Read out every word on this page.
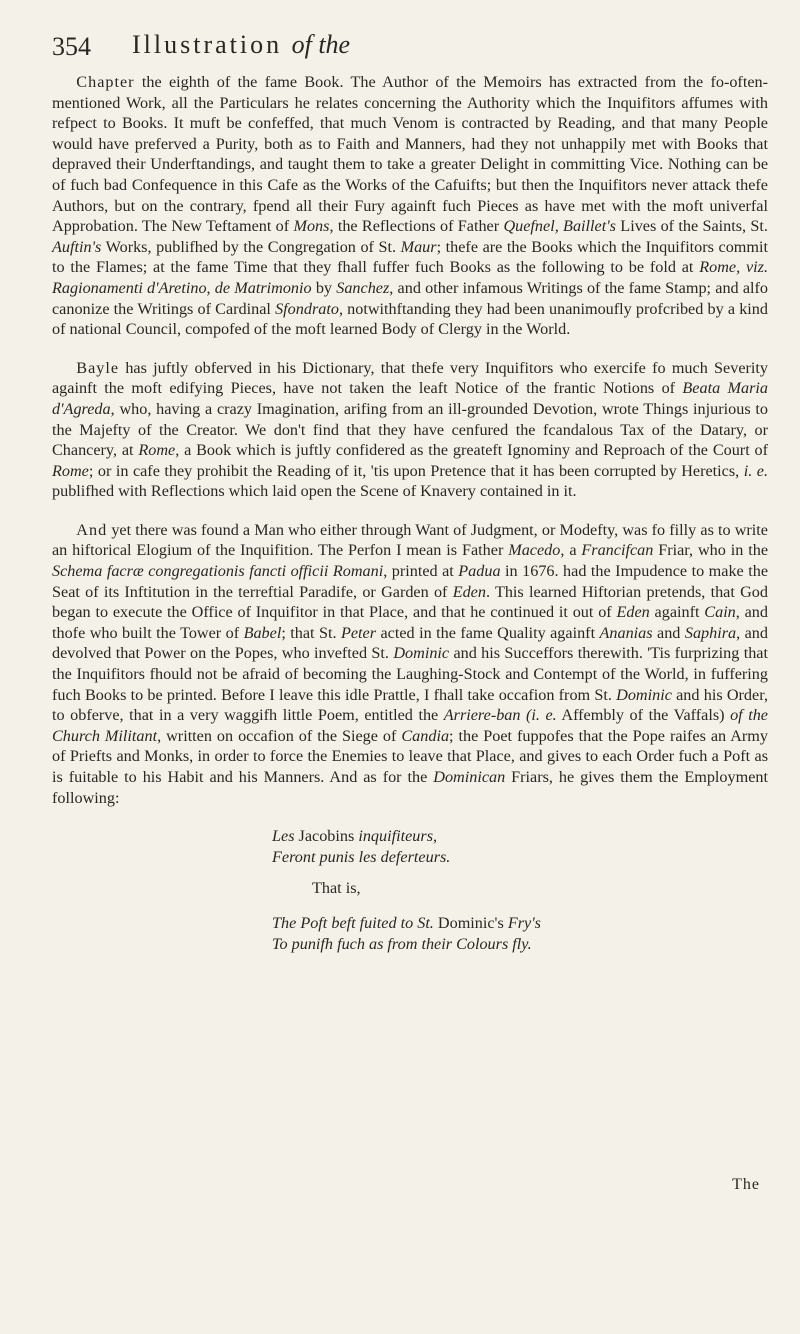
354 Illustration of the

Chapter the eighth of the fame Book. The Author of the Memoirs has extracted from the fo-often-mentioned Work, all the Particulars he relates concerning the Authority which the Inquifitors affumes with refpect to Books. It muft be confeffed, that much Venom is contracted by Reading, and that many People would have preferved a Purity, both as to Faith and Manners, had they not unhappily met with Books that depraved their Underftandings, and taught them to take a greater Delight in committing Vice. Nothing can be of fuch bad Confequence in this Cafe as the Works of the Cafuifts; but then the Inquifitors never attack thefe Authors, but on the contrary, fpend all their Fury againft fuch Pieces as have met with the moft univerfal Approbation. The New Teftament of Mons, the Reflections of Father Quefnel, Baillet's Lives of the Saints, St. Auftin's Works, publifhed by the Congregation of St. Maur; thefe are the Books which the Inquifitors commit to the Flames; at the fame Time that they fhall fuffer fuch Books as the following to be fold at Rome, viz. Ragionamenti d'Aretino, de Matrimonio by Sanchez, and other infamous Writings of the fame Stamp; and alfo canonize the Writings of Cardinal Sfondrato, notwithftanding they had been unanimoufly profcribed by a kind of national Council, compofed of the moft learned Body of Clergy in the World.

Bayle has juftly obferved in his Dictionary, that thefe very Inquifitors who exercife fo much Severity againft the moft edifying Pieces, have not taken the leaft Notice of the frantic Notions of Beata Maria d'Agreda, who, having a crazy Imagination, arifing from an ill-grounded Devotion, wrote Things injurious to the Majefty of the Creator. We don't find that they have cenfured the fcandalous Tax of the Datary, or Chancery, at Rome, a Book which is juftly confidered as the greateft Ignominy and Reproach of the Court of Rome; or in cafe they prohibit the Reading of it, 'tis upon Pretence that it has been corrupted by Heretics, i. e. publifhed with Reflections which laid open the Scene of Knavery contained in it.

And yet there was found a Man who either through Want of Judgment, or Modefty, was fo filly as to write an hiftorical Elogium of the Inquifition. The Perfon I mean is Father Macedo, a Francifcan Friar, who in the Schema facræ congregationis fancti officii Romani, printed at Padua in 1676. had the Impudence to make the Seat of its Inftitution in the terreftial Paradife, or Garden of Eden. This learned Hiftorian pretends, that God began to execute the Office of Inquifitor in that Place, and that he continued it out of Eden againft Cain, and thofe who built the Tower of Babel; that St. Peter acted in the fame Quality againft Ananias and Saphira, and devolved that Power on the Popes, who invefted St. Dominic and his Succeffors therewith. 'Tis furprizing that the Inquifitors fhould not be afraid of becoming the Laughing-Stock and Contempt of the World, in fuffering fuch Books to be printed. Before I leave this idle Prattle, I fhall take occafion from St. Dominic and his Order, to obferve, that in a very waggifh little Poem, entitled the Arriere-ban (i. e. Affembly of the Vaffals) of the Church Militant, written on occafion of the Siege of Candia; the Poet fuppofes that the Pope raifes an Army of Priefts and Monks, in order to force the Enemies to leave that Place, and gives to each Order fuch a Poft as is fuitable to his Habit and his Manners. And as for the Dominican Friars, he gives them the Employment following:

Les Jacobins inquifiteurs,
Feront punis les deferteurs.
That is,
The Poft beft fuited to St. Dominic's Fry's
To punifh fuch as from their Colours fly.
The
